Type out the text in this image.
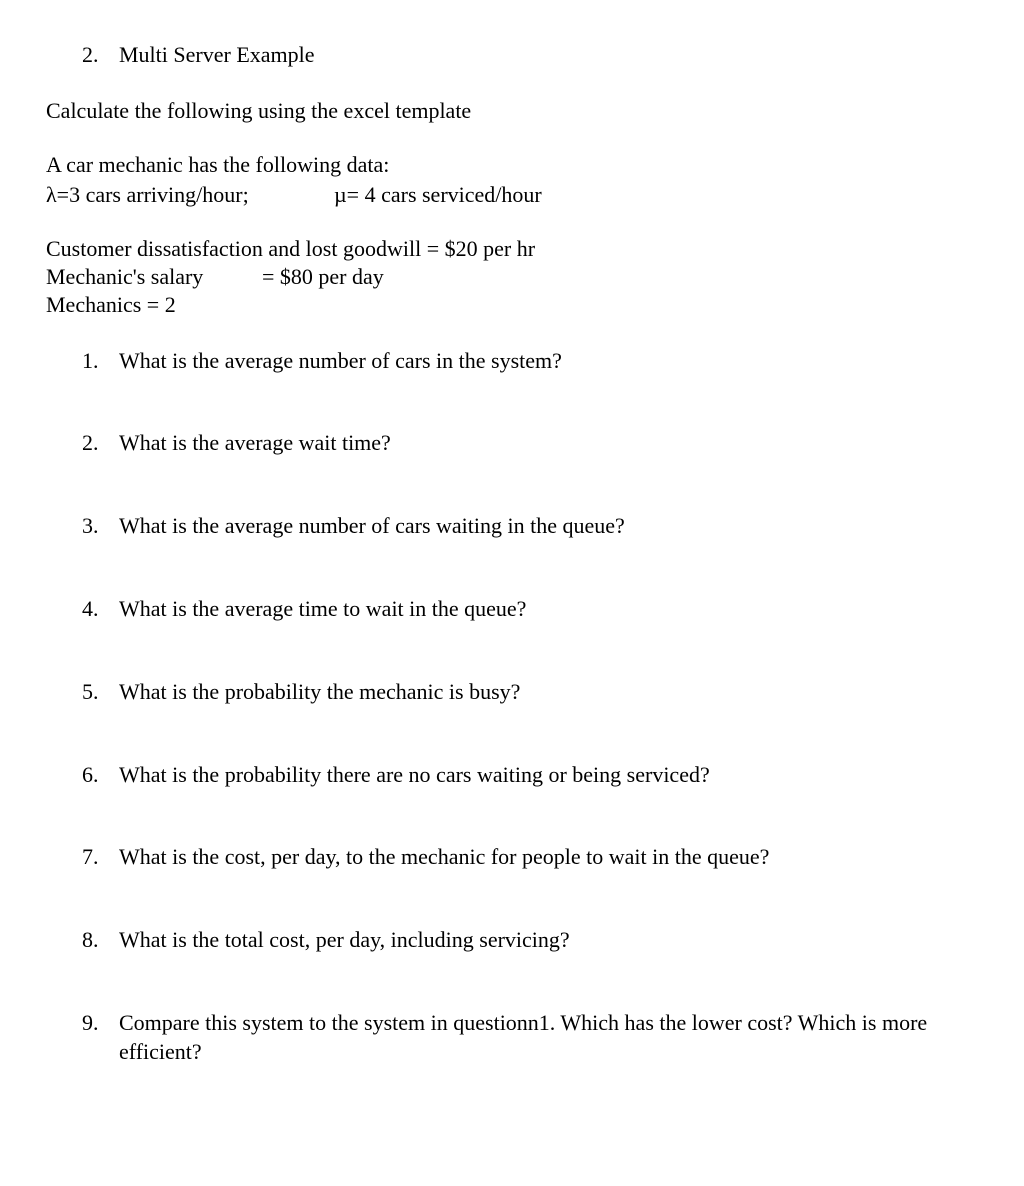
2. Multi Server Example
Calculate the following using the excel template
A car mechanic has the following data:
λ=3 cars arriving/hour;	µ= 4 cars serviced/hour
Customer dissatisfaction and lost goodwill = $20 per hr
Mechanic's salary	= $80 per day
Mechanics = 2
1. What is the average number of cars in the system?
2. What is the average wait time?
3. What is the average number of cars waiting in the queue?
4. What is the average time to wait in the queue?
5. What is the probability the mechanic is busy?
6. What is the probability there are no cars waiting or being serviced?
7. What is the cost, per day, to the mechanic for people to wait in the queue?
8. What is the total cost, per day, including servicing?
9. Compare this system to the system in questionn1. Which has the lower cost? Which is more efficient?
